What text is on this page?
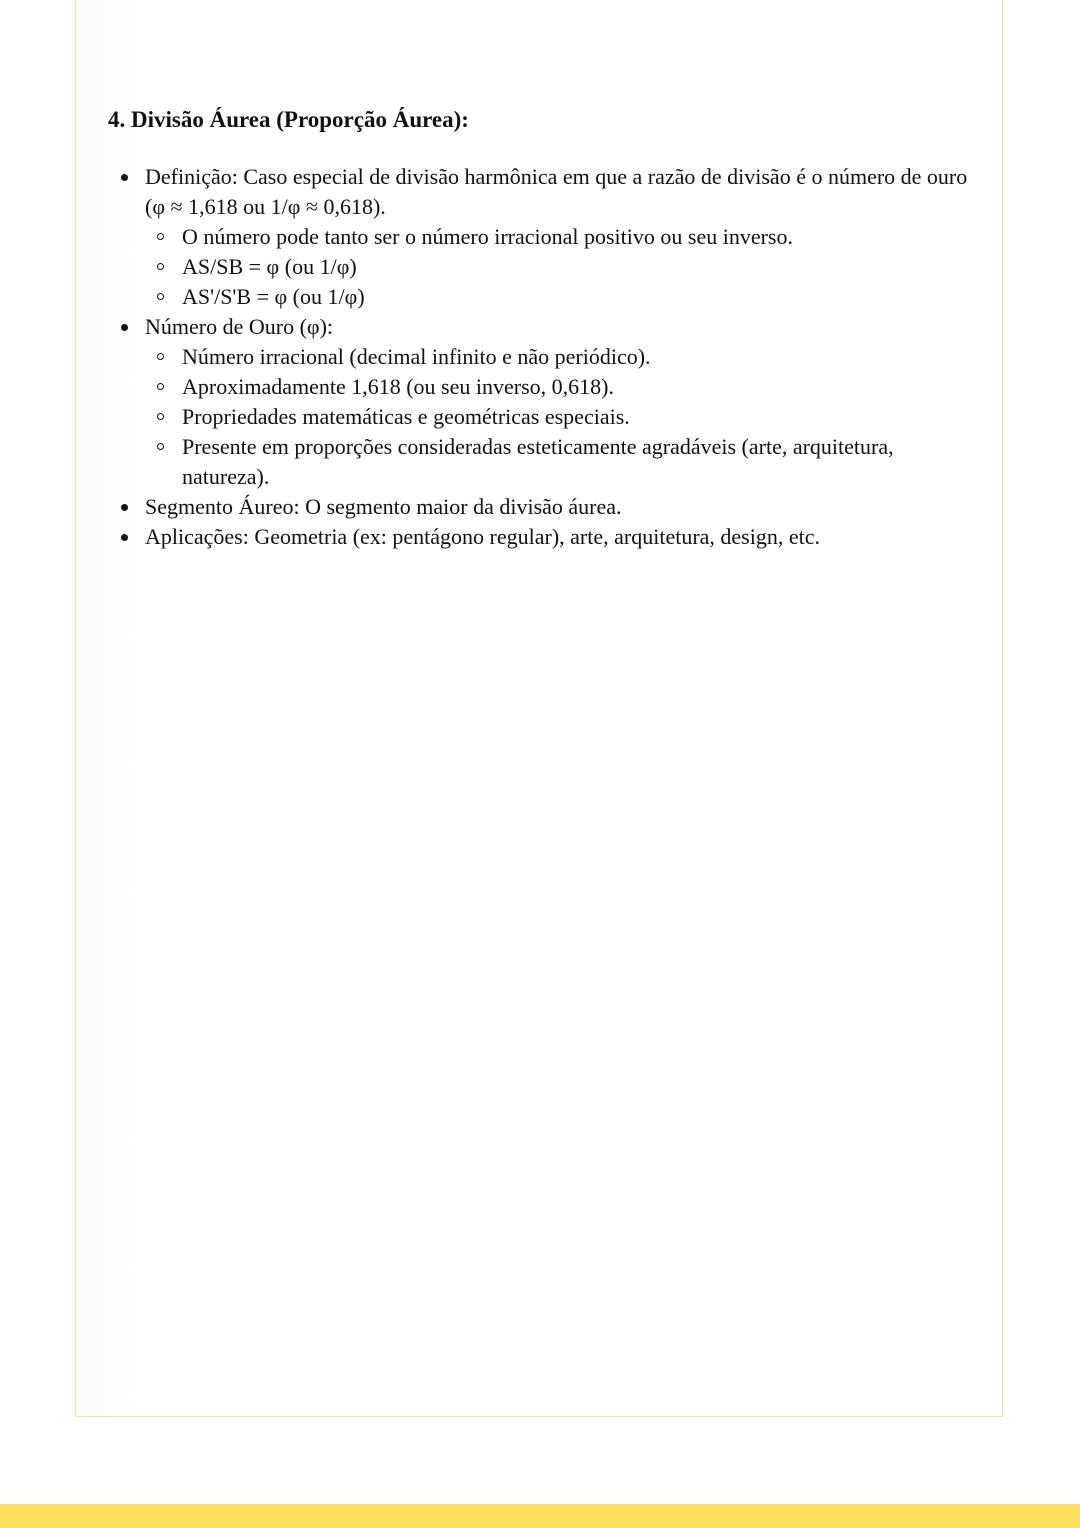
4. Divisão Áurea (Proporção Áurea):
Definição: Caso especial de divisão harmônica em que a razão de divisão é o número de ouro (φ ≈ 1,618 ou 1/φ ≈ 0,618).
O número pode tanto ser o número irracional positivo ou seu inverso.
AS/SB = φ (ou 1/φ)
AS'/S'B = φ (ou 1/φ)
Número de Ouro (φ):
Número irracional (decimal infinito e não periódico).
Aproximadamente 1,618 (ou seu inverso, 0,618).
Propriedades matemáticas e geométricas especiais.
Presente em proporções consideradas esteticamente agradáveis (arte, arquitetura, natureza).
Segmento Áureo: O segmento maior da divisão áurea.
Aplicações: Geometria (ex: pentágono regular), arte, arquitetura, design, etc.
